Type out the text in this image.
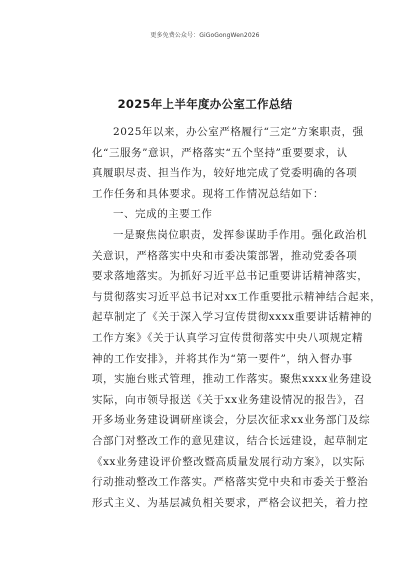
更多免费公众号：GiGoGongWen2026
2025年上半年度办公室工作总结
2025年以来，办公室严格履行“三定”方案职责，强
化“三服务”意识，严格落实“五个坚持”重要要求，认
真履职尽责、担当作为，较好地完成了党委明确的各项
工作任务和具体要求。现将工作情况总结如下：
一、完成的主要工作
一是聚焦岗位职责，发挥参谋助手作用。强化政治机
关意识，严格落实中央和市委决策部署，推动党委各项
要求落地落实。为抓好习近平总书记重要讲话精神落实，
与贯彻落实习近平总书记对xx工作重要批示精神结合起来，
起草制定了《关于深入学习宣传贯彻xxxx重要讲话精神的
工作方案》《关于认真学习宣传贯彻落实中央八项规定精
神的工作安排》，并将其作为“第一要件”，纳入督办事
项，实施台账式管理，推动工作落实。聚焦xxxx业务建设
实际，向市领导报送《关于xx业务建设情况的报告》，召
开多场业务建设调研座谈会，分层次征求xx业务部门及综
合部门对整改工作的意见建议，结合长远建设，起草制定
《xx业务建设评价整改暨高质量发展行动方案》，以实际
行动推动整改工作落实。严格落实党中央和市委关于整治
形式主义、为基层减负相关要求，严格会议把关，着力控
